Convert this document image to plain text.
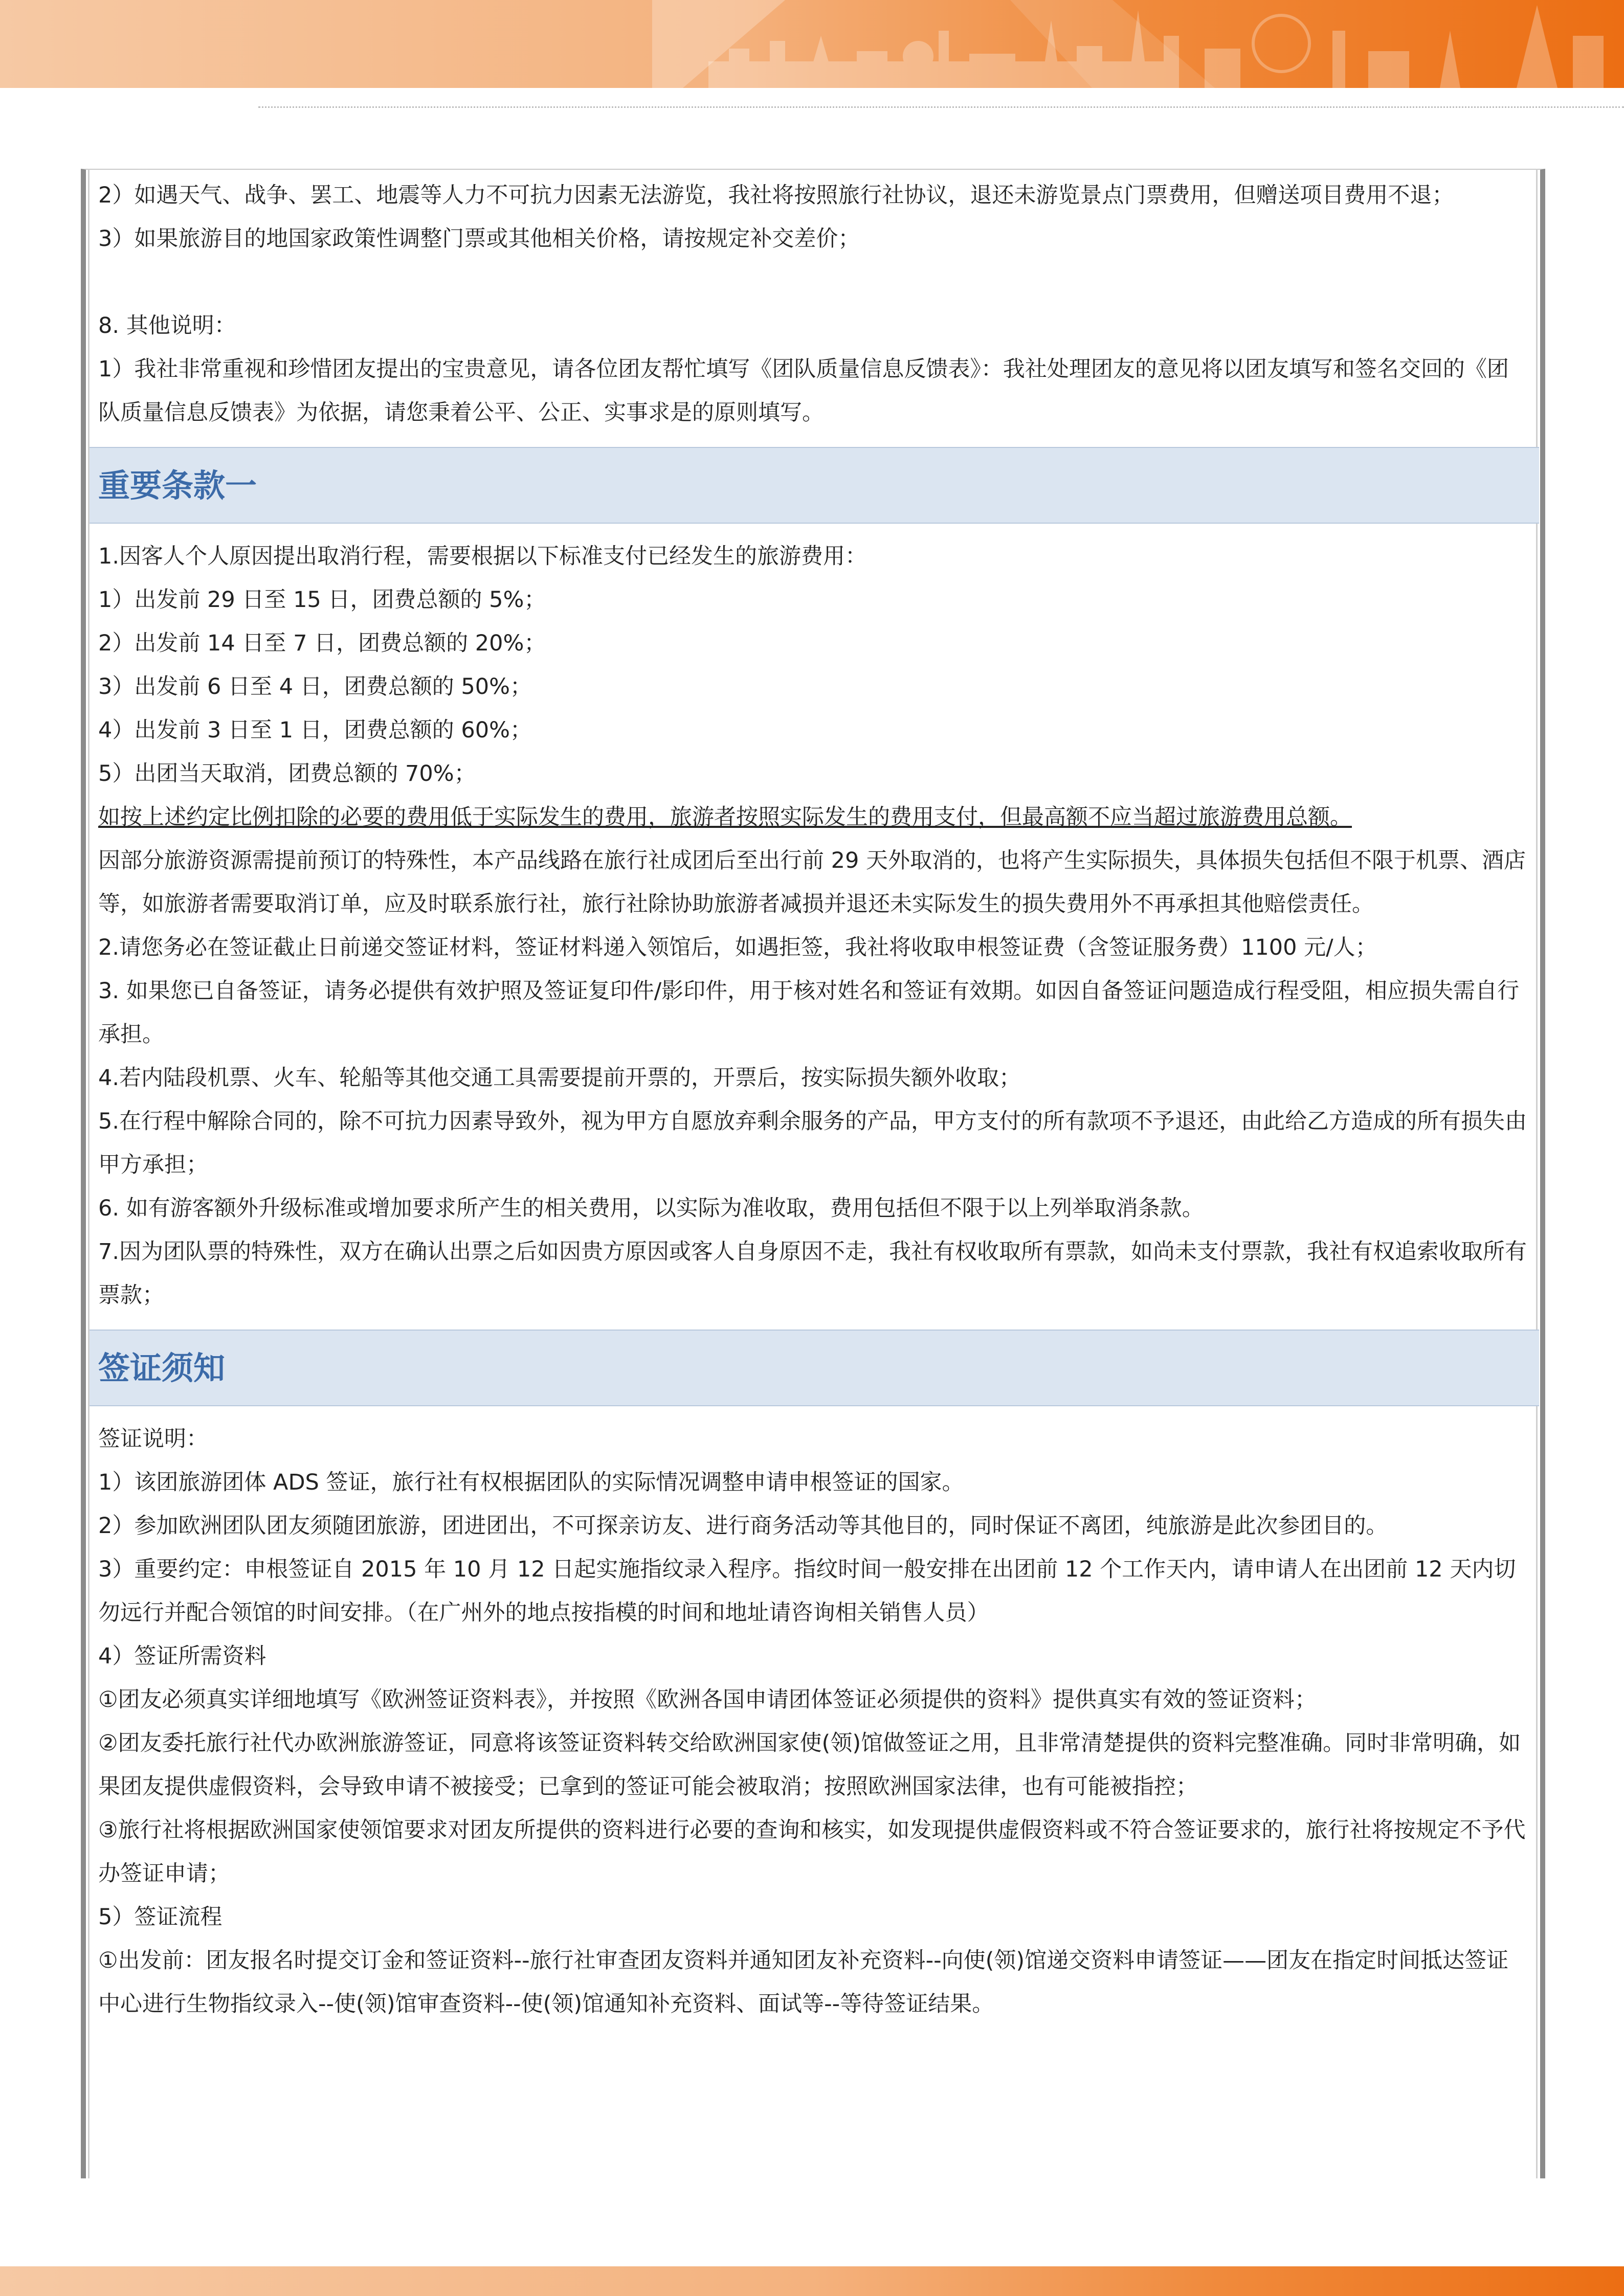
2）如遇天气、战争、罢工、地震等人力不可抗力因素无法游览，我社将按照旅行社协议，退还未游览景点门票费用，但赠送项目费用不退；

3）如果旅游目的地国家政策性调整门票或其他相关价格，请按规定补交差价；

8. 其他说明：

1）我社非常重视和珍惜团友提出的宝贵意见，请各位团友帮忙填写《团队质量信息反馈表》：我社处理团友的意见将以团友填写和签名交回的《团队质量信息反馈表》为依据，请您秉着公平、公正、实事求是的原则填写。

重要条款一

1.因客人个人原因提出取消行程，需要根据以下标准支付已经发生的旅游费用：

1）出发前 29 日至 15 日，团费总额的 5%；

2）出发前 14 日至 7 日，团费总额的 20%；

3）出发前 6 日至 4 日，团费总额的 50%；

4）出发前 3 日至 1 日，团费总额的 60%；

5）出团当天取消，团费总额的 70%；

如按上述约定比例扣除的必要的费用低于实际发生的费用，旅游者按照实际发生的费用支付，但最高额不应当超过旅游费用总额。

因部分旅游资源需提前预订的特殊性，本产品线路在旅行社成团后至出行前 29 天外取消的，也将产生实际损失，具体损失包括但不限于机票、酒店等，如旅游者需要取消订单，应及时联系旅行社，旅行社除协助旅游者减损并退还未实际发生的损失费用外不再承担其他赔偿责任。

2.请您务必在签证截止日前递交签证材料，签证材料递入领馆后，如遇拒签，我社将收取申根签证费（含签证服务费）1100 元/人；

3. 如果您已自备签证，请务必提供有效护照及签证复印件/影印件，用于核对姓名和签证有效期。如因自备签证问题造成行程受阻，相应损失需自行承担。

4.若内陆段机票、火车、轮船等其他交通工具需要提前开票的，开票后，按实际损失额外收取；

5.在行程中解除合同的，除不可抗力因素导致外，视为甲方自愿放弃剩余服务的产品，甲方支付的所有款项不予退还，由此给乙方造成的所有损失由甲方承担；

6. 如有游客额外升级标准或增加要求所产生的相关费用，以实际为准收取，费用包括但不限于以上列举取消条款。

7.因为团队票的特殊性，双方在确认出票之后如因贵方原因或客人自身原因不走，我社有权收取所有票款，如尚未支付票款，我社有权追索收取所有票款；

签证须知

签证说明：

1）该团旅游团体 ADS 签证，旅行社有权根据团队的实际情况调整申请申根签证的国家。

2）参加欧洲团队团友须随团旅游，团进团出，不可探亲访友、进行商务活动等其他目的，同时保证不离团，纯旅游是此次参团目的。

3）重要约定：申根签证自 2015 年 10 月 12 日起实施指纹录入程序。指纹时间一般安排在出团前 12 个工作天内，请申请人在出团前 12 天内切勿远行并配合领馆的时间安排。（在广州外的地点按指模的时间和地址请咨询相关销售人员）

4）签证所需资料

①团友必须真实详细地填写《欧洲签证资料表》，并按照《欧洲各国申请团体签证必须提供的资料》提供真实有效的签证资料；

②团友委托旅行社代办欧洲旅游签证，同意将该签证资料转交给欧洲国家使(领)馆做签证之用，且非常清楚提供的资料完整准确。同时非常明确，如果团友提供虚假资料，会导致申请不被接受；已拿到的签证可能会被取消；按照欧洲国家法律，也有可能被指控；

③旅行社将根据欧洲国家使领馆要求对团友所提供的资料进行必要的查询和核实，如发现提供虚假资料或不符合签证要求的，旅行社将按规定不予代办签证申请；

5）签证流程

①出发前：团友报名时提交订金和签证资料--旅行社审查团友资料并通知团友补充资料--向使(领)馆递交资料申请签证——团友在指定时间抵达签证中心进行生物指纹录入--使(领)馆审查资料--使(领)馆通知补充资料、面试等--等待签证结果。
